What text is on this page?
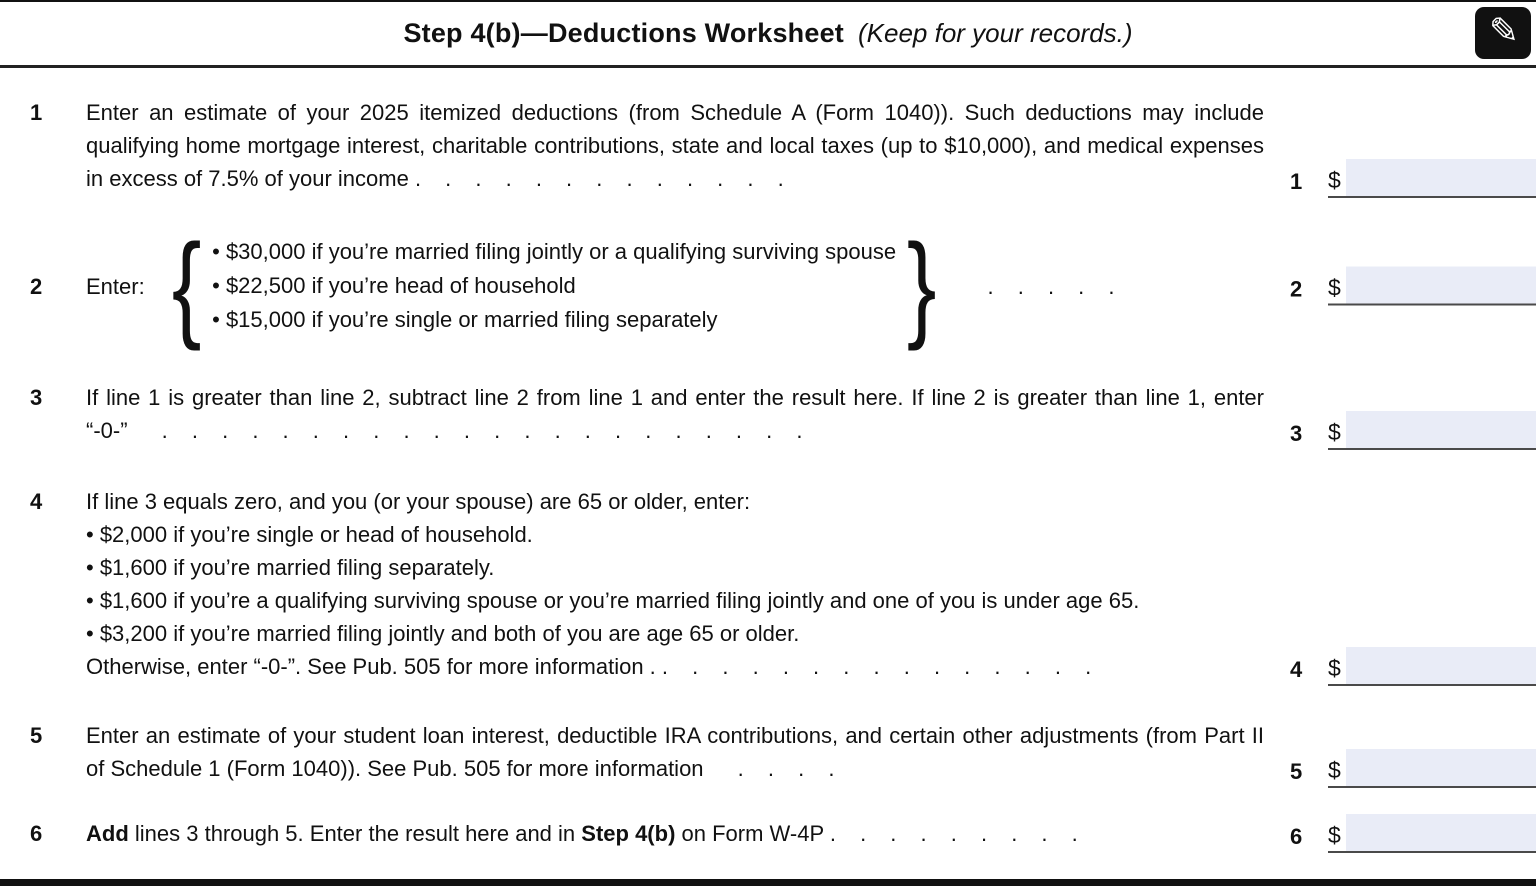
Step 4(b)—Deductions Worksheet (Keep for your records.)	✎
1	Enter an estimate of your 2025 itemized deductions (from Schedule A (Form 1040)). Such deductions may include qualifying home mortgage interest, charitable contributions, state and local taxes (up to $10,000), and medical expenses in excess of 7.5% of your income . . . . . . . . . . . . .	1	$
2	Enter: { • $30,000 if you’re married filing jointly or a qualifying surviving spouse

• $22,500 if you’re head of household

• $15,000 if you’re single or married filing separately	} . . . . .	2	$
3	If line 1 is greater than line 2, subtract line 2 from line 1 and enter the result here. If line 2 is greater than line 1, enter “-0-” . . . . . . . . . . . . . . . . . . . . . .	3	$
4	If line 3 equals zero, and you (or your spouse) are 65 or older, enter:

• $2,000 if you’re single or head of household.

• $1,600 if you’re married filing separately.

• $1,600 if you’re a qualifying surviving spouse or you’re married filing jointly and one of you is under age 65.

• $3,200 if you’re married filing jointly and both of you are age 65 or older.

Otherwise, enter “-0-”. See Pub. 505 for more information . . . . . . . . . . . . . . . .	4	$
5	Enter an estimate of your student loan interest, deductible IRA contributions, and certain other adjustments (from Part II of Schedule 1 (Form 1040)). See Pub. 505 for more information . . . .	5	$
6	Add lines 3 through 5. Enter the result here and in Step 4(b) on Form W-4P . . . . . . . . .	6	$
